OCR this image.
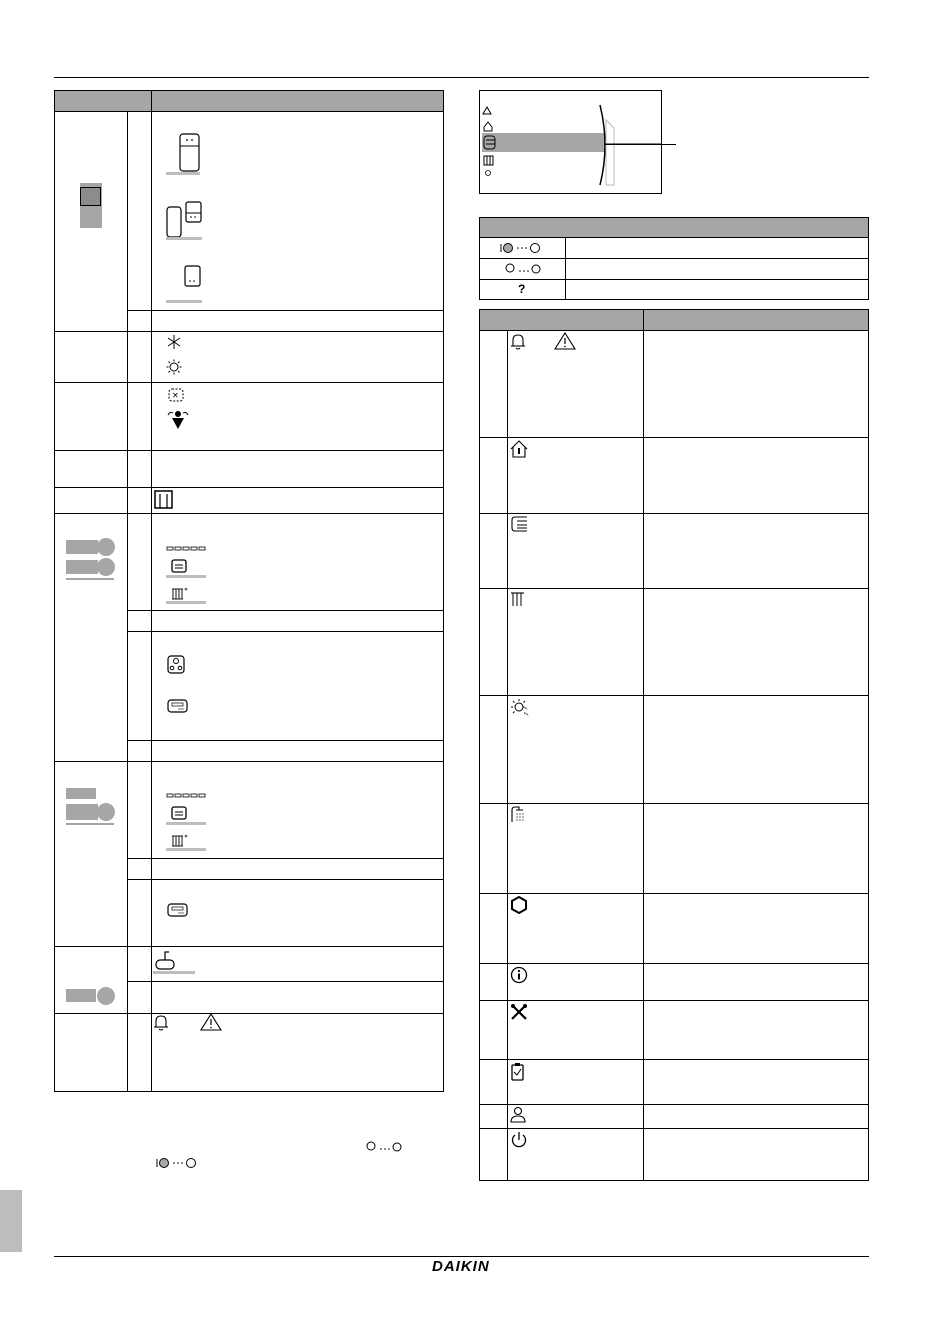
✕
?
DAIKIN
